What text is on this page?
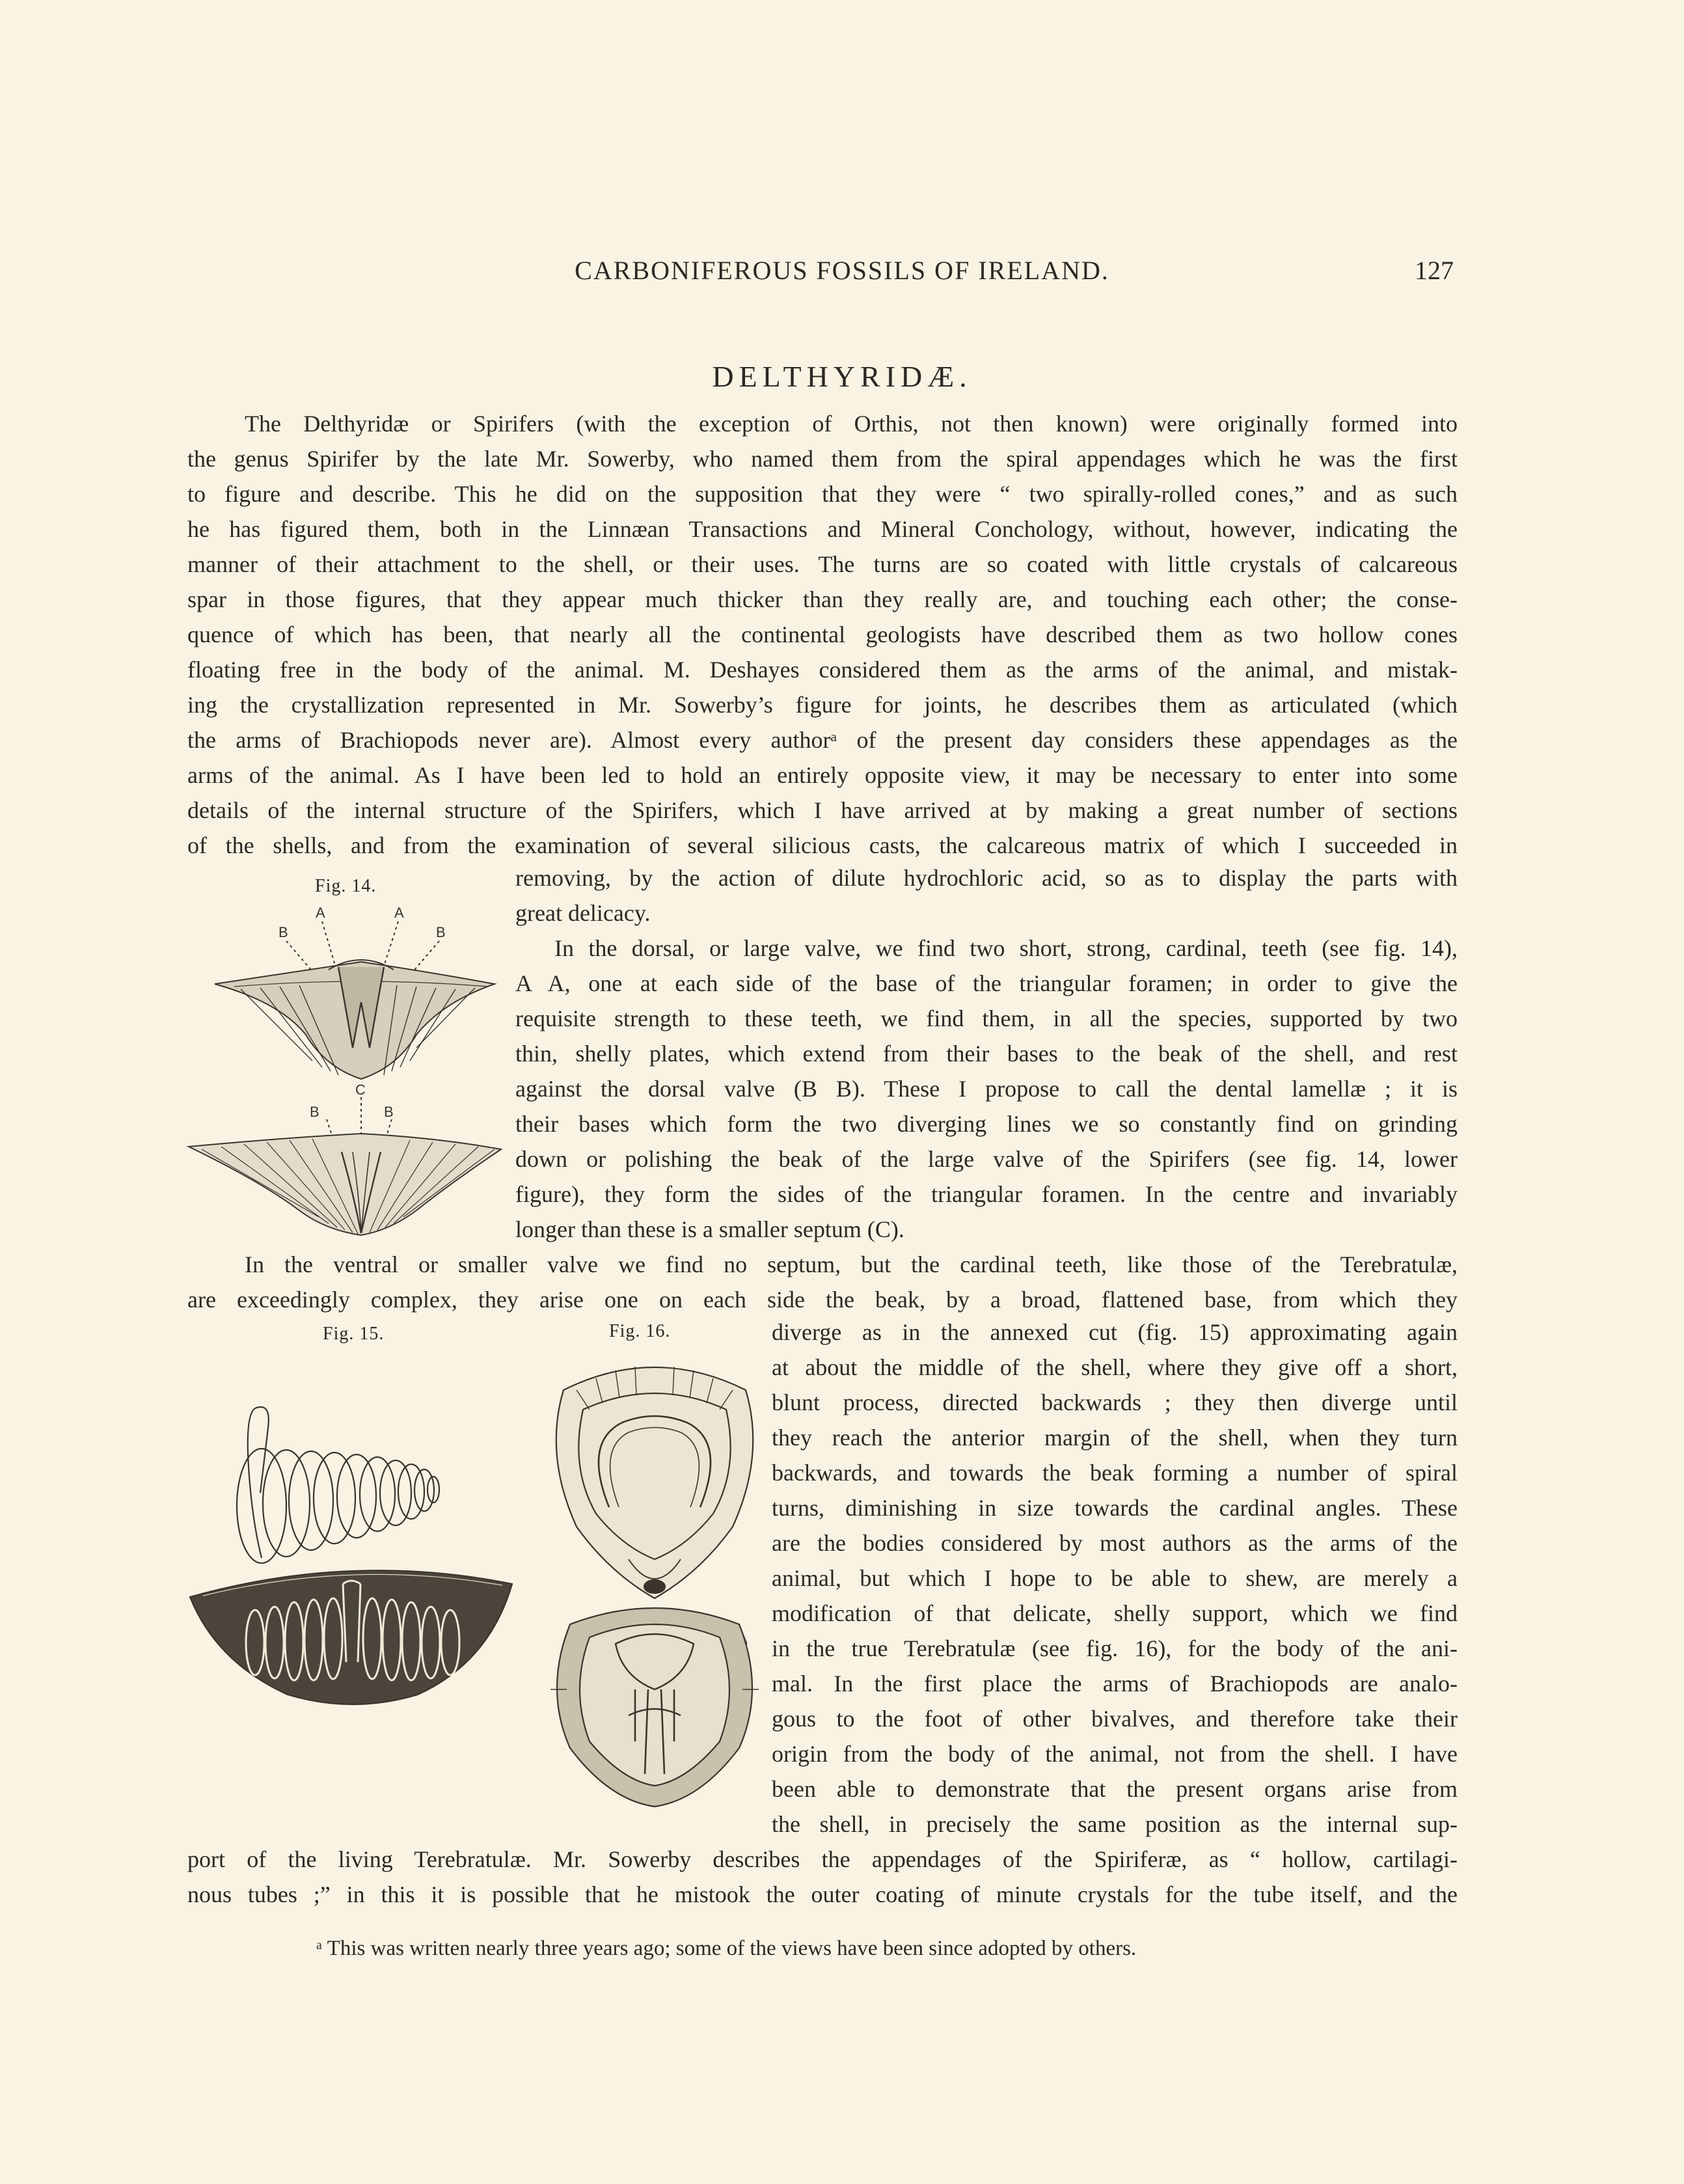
CARBONIFEROUS FOSSILS OF IRELAND.	127
DELTHYRIDÆ.
The Delthyridæ or Spirifers (with the exception of Orthis, not then known) were originally formed into
the genus Spirifer by the late Mr. Sowerby, who named them from the spiral appendages which he was the first
to figure and describe. This he did on the supposition that they were “ two spirally-rolled cones,” and as such
he has figured them, both in the Linnæan Transactions and Mineral Conchology, without, however, indicating the
manner of their attachment to the shell, or their uses. The turns are so coated with little crystals of calcareous
spar in those figures, that they appear much thicker than they really are, and touching each other; the conse-
quence of which has been, that nearly all the continental geologists have described them as two hollow cones
floating free in the body of the animal. M. Deshayes considered them as the arms of the animal, and mistak-
ing the crystallization represented in Mr. Sowerby’s figure for joints, he describes them as articulated (which
the arms of Brachiopods never are). Almost every authorᵃ of the present day considers these appendages as the
arms of the animal. As I have been led to hold an entirely opposite view, it may be necessary to enter into some
details of the internal structure of the Spirifers, which I have arrived at by making a great number of sections
of the shells, and from the examination of several silicious casts, the calcareous matrix of which I succeeded in
removing, by the action of dilute hydrochloric acid, so as to display the parts with
great delicacy.
In the dorsal, or large valve, we find two short, strong, cardinal, teeth (see fig. 14),
A A, one at each side of the base of the triangular foramen; in order to give the
requisite strength to these teeth, we find them, in all the species, supported by two
thin, shelly plates, which extend from their bases to the beak of the shell, and rest
against the dorsal valve (B B). These I propose to call the dental lamellæ ; it is
their bases which form the two diverging lines we so constantly find on grinding
down or polishing the beak of the large valve of the Spirifers (see fig. 14, lower
figure), they form the sides of the triangular foramen. In the centre and invariably
longer than these is a smaller septum (C).
In the ventral or smaller valve we find no septum, but the cardinal teeth, like those of the Terebratulæ,
are exceedingly complex, they arise one on each side the beak, by a broad, flattened base, from which they
diverge as in the annexed cut (fig. 15) approximating again
at about the middle of the shell, where they give off a short,
blunt process, directed backwards ; they then diverge until
they reach the anterior margin of the shell, when they turn
backwards, and towards the beak forming a number of spiral
turns, diminishing in size towards the cardinal angles. These
are the bodies considered by most authors as the arms of the
animal, but which I hope to be able to shew, are merely a
modification of that delicate, shelly support, which we find
in the true Terebratulæ (see fig. 16), for the body of the ani-
mal. In the first place the arms of Brachiopods are analo-
gous to the foot of other bivalves, and therefore take their
origin from the body of the animal, not from the shell. I have
been able to demonstrate that the present organs arise from
the shell, in precisely the same position as the internal sup-
port of the living Terebratulæ. Mr. Sowerby describes the appendages of the Spiriferæ, as “ hollow, cartilagi-
nous tubes ;” in this it is possible that he mistook the outer coating of minute crystals for the tube itself, and the
ᵃ This was written nearly three years ago; some of the views have been since adopted by others.
Fig. 14.
A	A
B	B
C
B	B
Fig. 15.	Fig. 16.
